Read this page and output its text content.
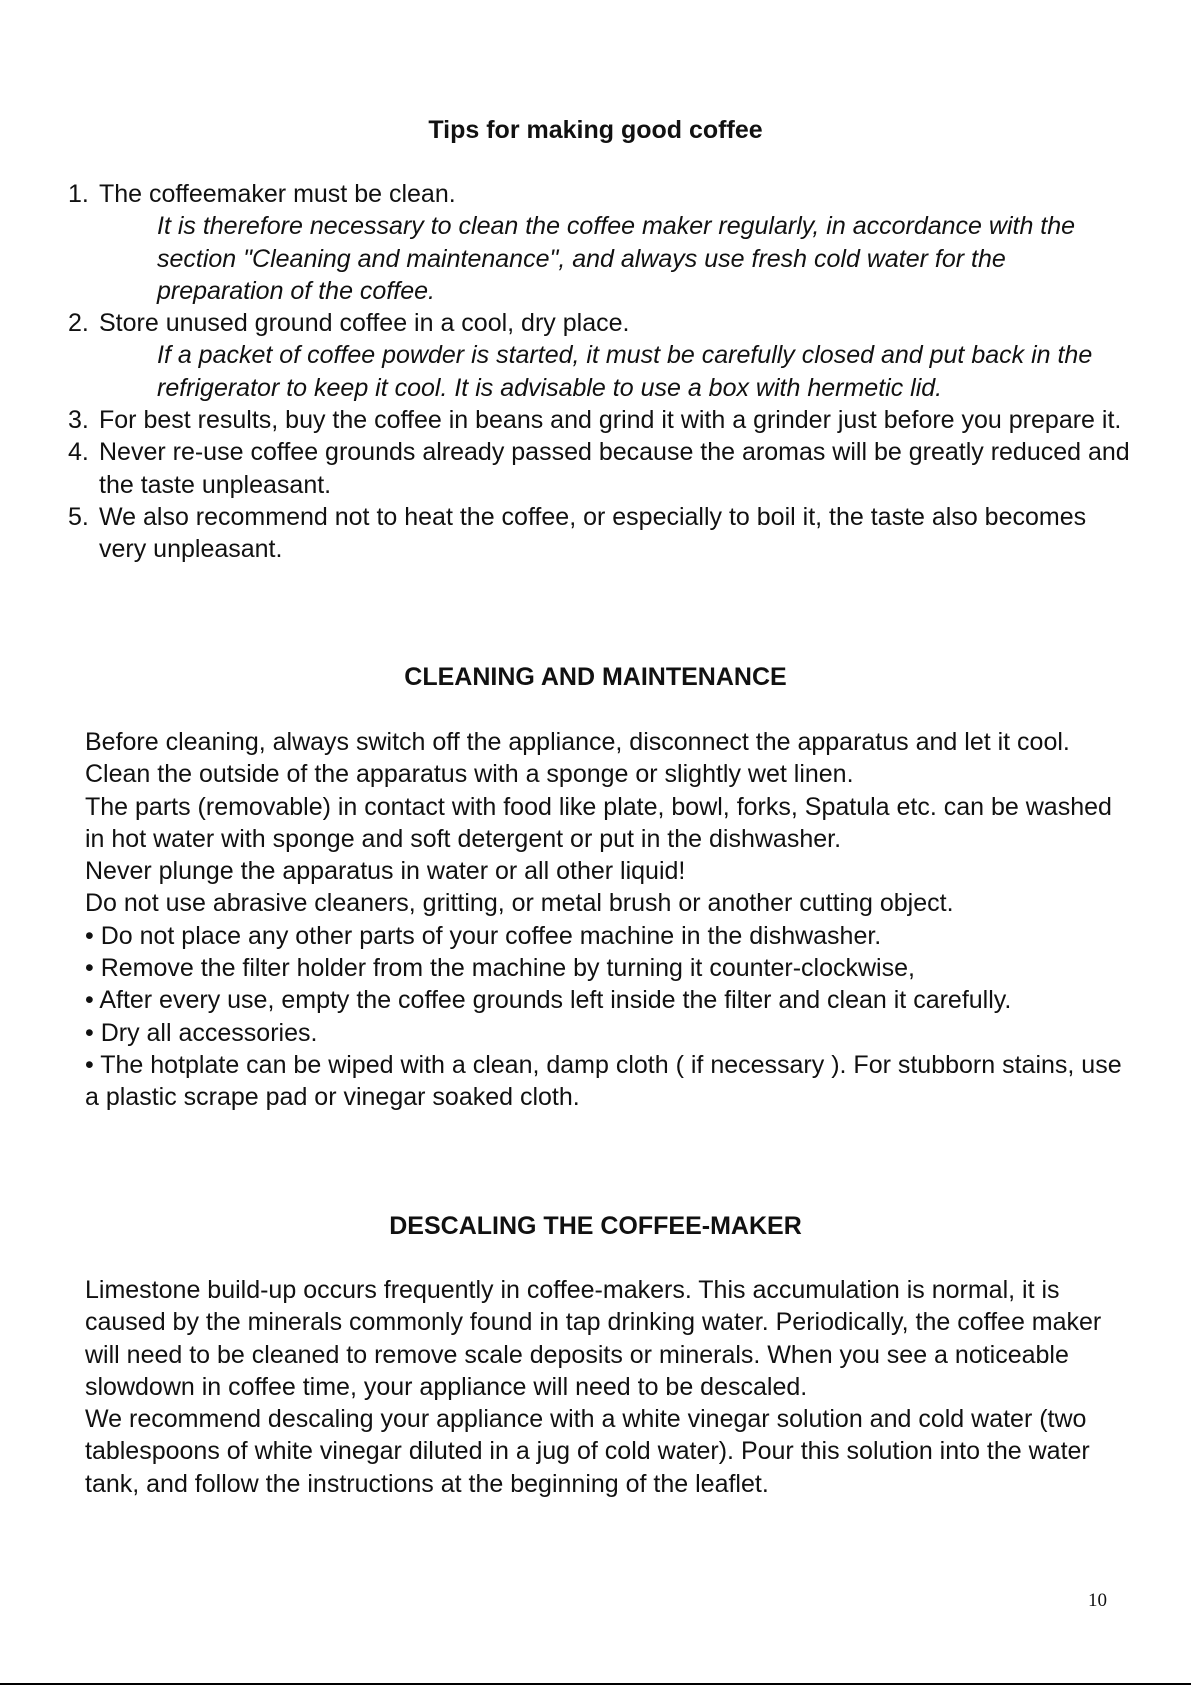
Tips for making good coffee
1. The coffeemaker must be clean.
It is therefore necessary to clean the coffee maker regularly, in accordance with the section "Cleaning and maintenance", and always use fresh cold water for the preparation of the coffee.
2. Store unused ground coffee in a cool, dry place.
If a packet of coffee powder is started, it must be carefully closed and put back in the refrigerator to keep it cool. It is advisable to use a box with hermetic lid.
3. For best results, buy the coffee in beans and grind it with a grinder just before you prepare it.
4. Never re-use coffee grounds already passed because the aromas will be greatly reduced and the taste unpleasant.
5. We also recommend not to heat the coffee, or especially to boil it, the taste also becomes very unpleasant.
CLEANING AND MAINTENANCE

Before cleaning, always switch off the appliance, disconnect the apparatus and let it cool.

Clean the outside of the apparatus with a sponge or slightly wet linen.

The parts (removable) in contact with food like plate, bowl, forks, Spatula etc. can be washed in hot water with sponge and soft detergent or put in the dishwasher.

Never plunge the apparatus in water or all other liquid!

Do not use abrasive cleaners, gritting, or metal brush or another cutting object.

• Do not place any other parts of your coffee machine in the dishwasher.

• Remove the filter holder from the machine by turning it counter-clockwise,

• After every use, empty the coffee grounds left inside the filter and clean it carefully.

• Dry all accessories.

• The hotplate can be wiped with a clean, damp cloth ( if necessary ). For stubborn stains, use a plastic scrape pad or vinegar soaked cloth.

DESCALING THE COFFEE-MAKER

Limestone build-up occurs frequently in coffee-makers. This accumulation is normal, it is caused by the minerals commonly found in tap drinking water. Periodically, the coffee maker will need to be cleaned to remove scale deposits or minerals. When you see a noticeable slowdown in coffee time, your appliance will need to be descaled.

We recommend descaling your appliance with a white vinegar solution and cold water (two tablespoons of white vinegar diluted in a jug of cold water). Pour this solution into the water tank, and follow the instructions at the beginning of the leaflet.

10
